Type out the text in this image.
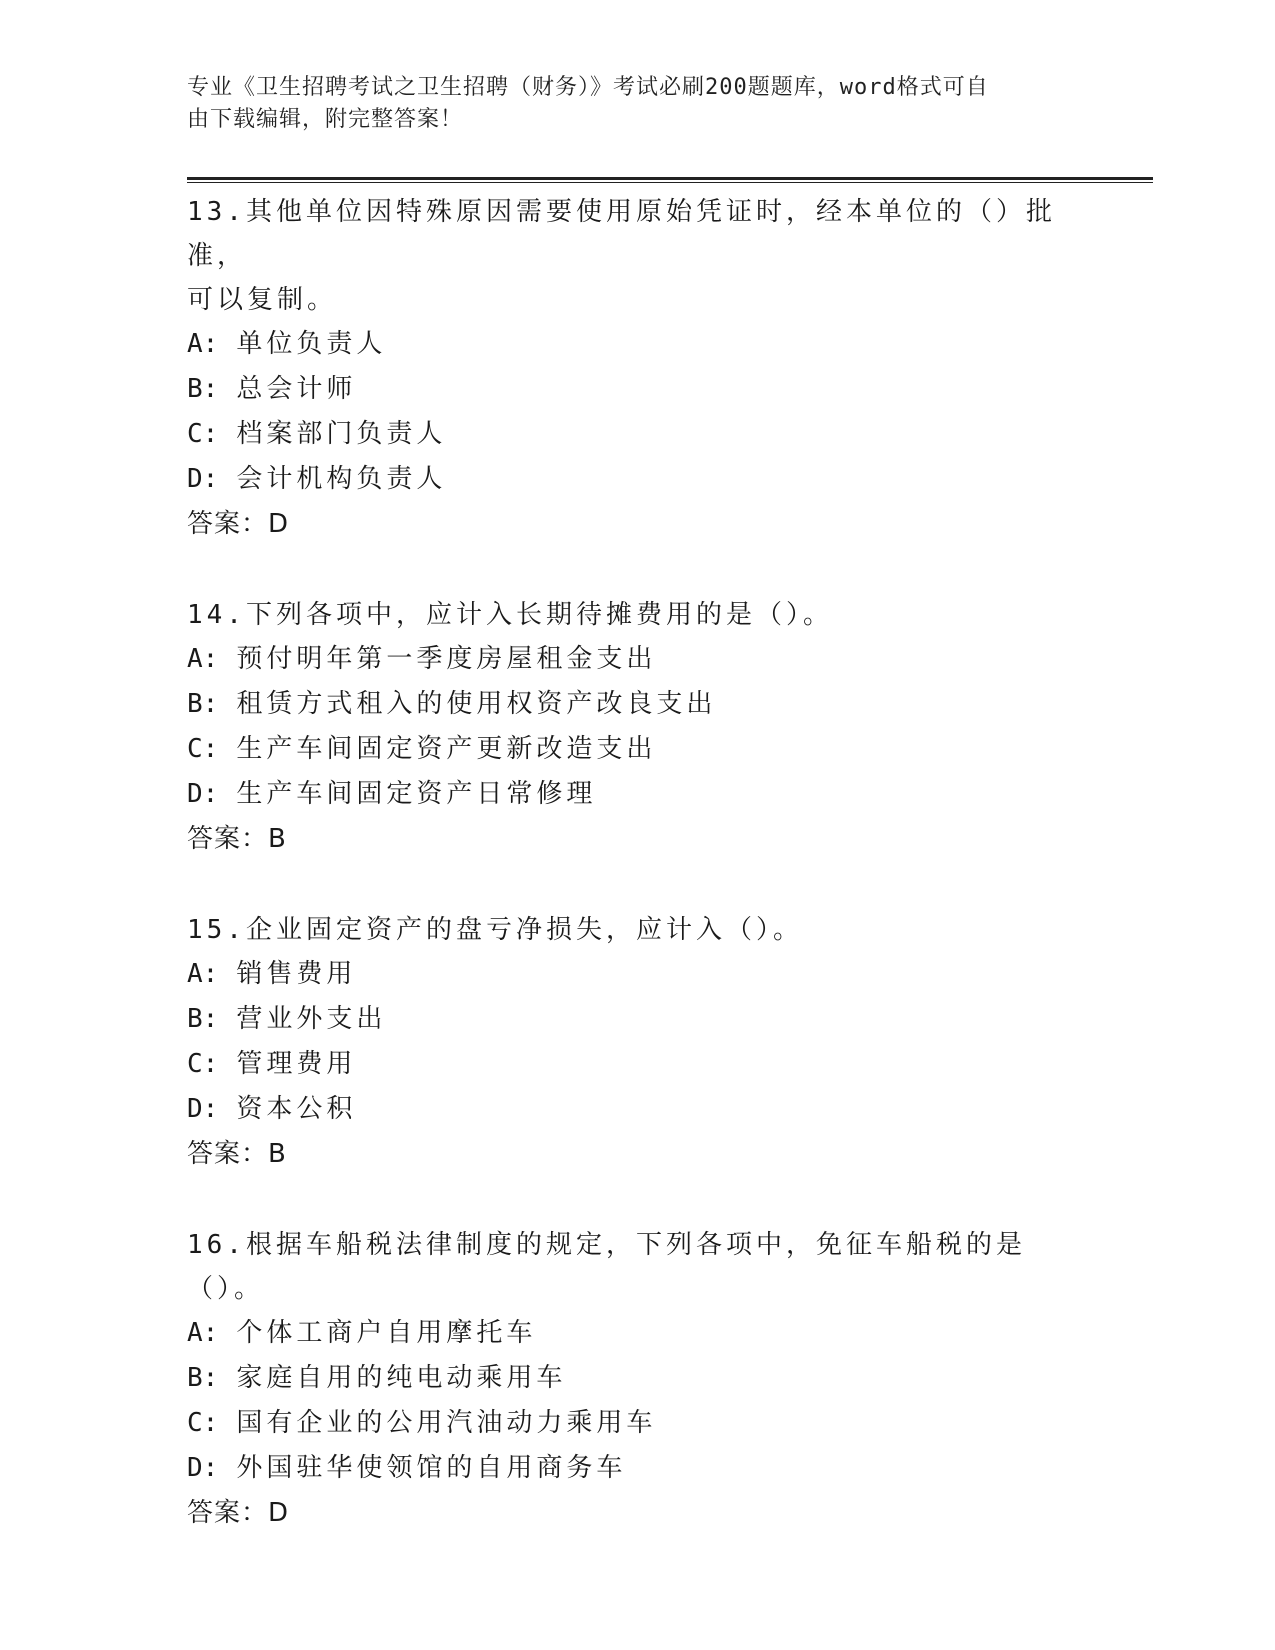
专业《卫生招聘考试之卫生招聘（财务）》考试必刷200题题库，word格式可自
由下载编辑，附完整答案！
13.其他单位因特殊原因需要使用原始凭证时，经本单位的（）批准，
可以复制。
A: 单位负责人
B: 总会计师
C: 档案部门负责人
D: 会计机构负责人
答案：D
14.下列各项中，应计入长期待摊费用的是（）。
A: 预付明年第一季度房屋租金支出
B: 租赁方式租入的使用权资产改良支出
C: 生产车间固定资产更新改造支出
D: 生产车间固定资产日常修理
答案：B
15.企业固定资产的盘亏净损失，应计入（）。
A: 销售费用
B: 营业外支出
C: 管理费用
D: 资本公积
答案：B
16.根据车船税法律制度的规定，下列各项中，免征车船税的是（）。
A: 个体工商户自用摩托车
B: 家庭自用的纯电动乘用车
C: 国有企业的公用汽油动力乘用车
D: 外国驻华使领馆的自用商务车
答案：D
